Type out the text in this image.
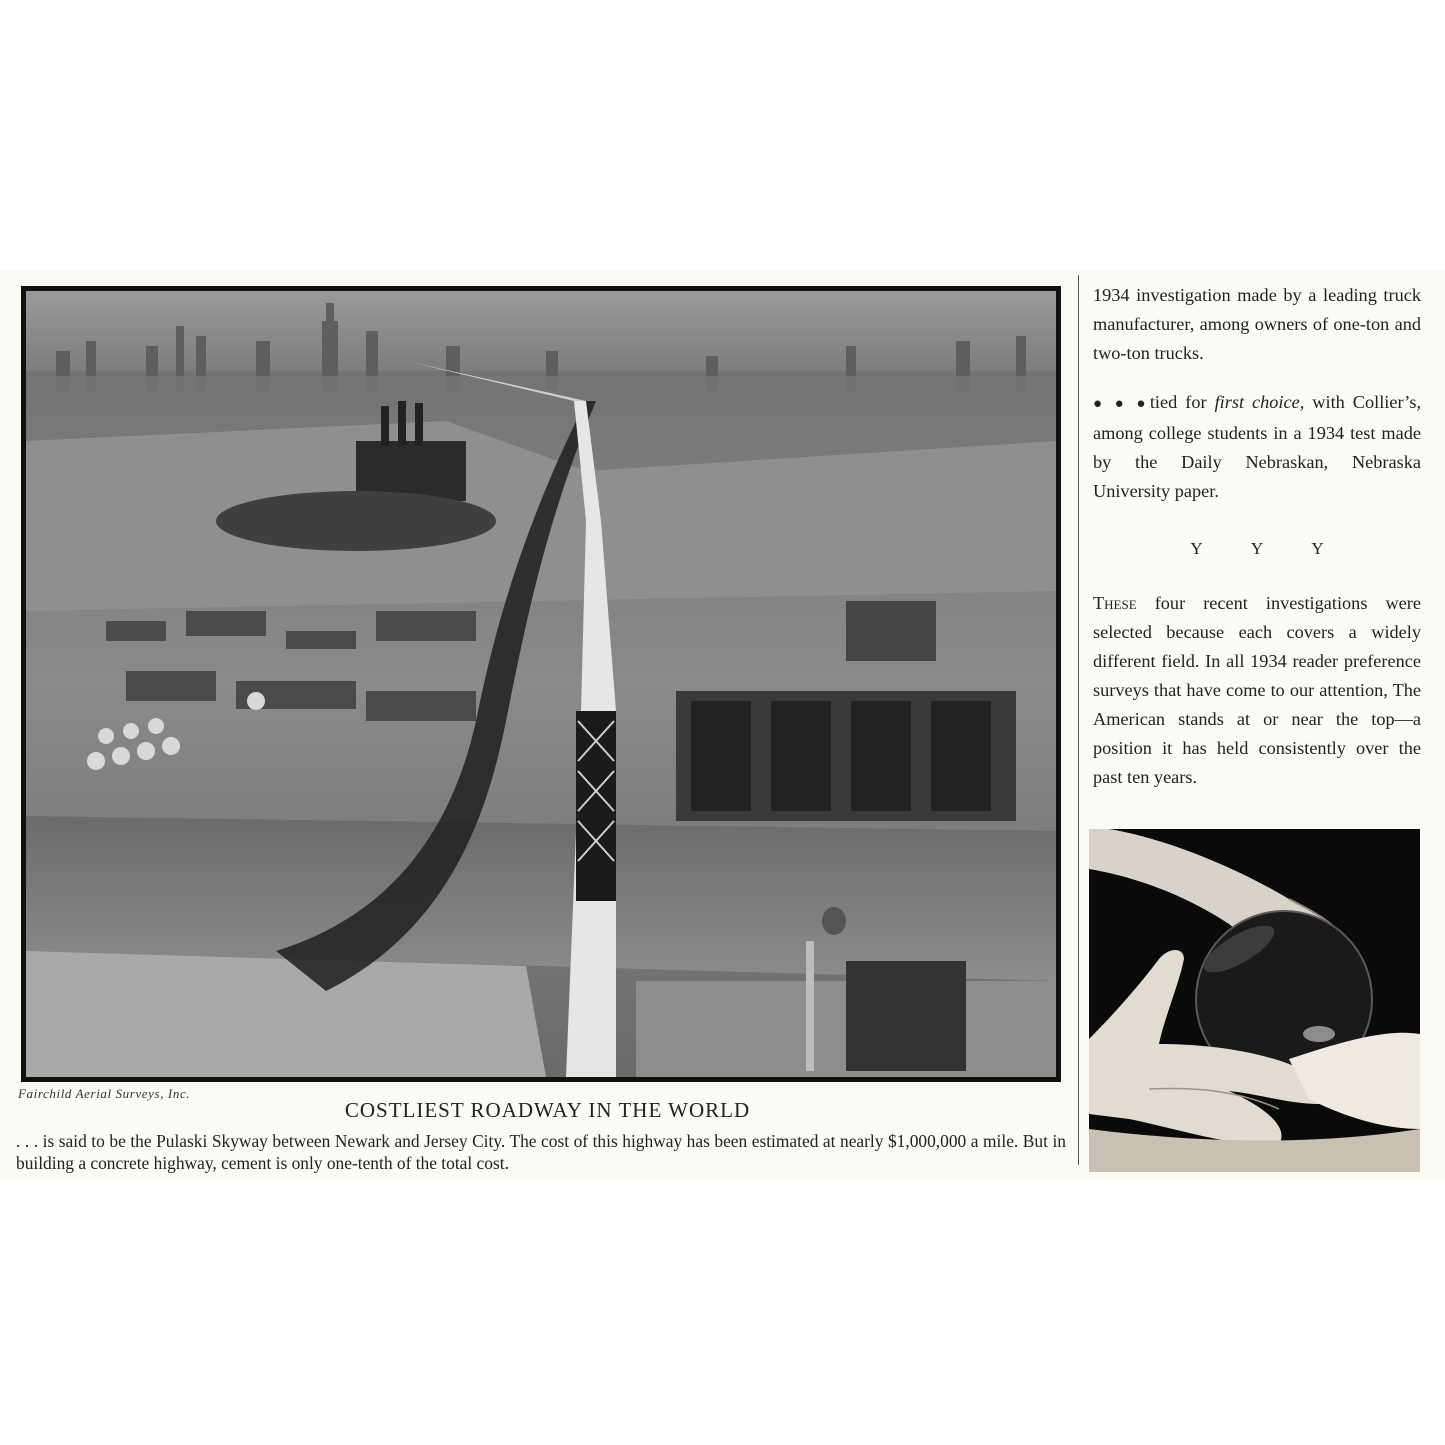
Fairchild Aerial Surveys, Inc.
COSTLIEST ROADWAY IN THE WORLD
. . . is said to be the Pulaski Skyway between Newark and Jersey City. The cost of this highway has been estimated at nearly $1,000,000 a mile. But in building a concrete highway, cement is only one-tenth of the total cost.

1934 investigation made by a leading truck manufacturer, among owners of one-ton and two-ton trucks.

● ● ●tied for first choice, with Collier’s, among college students in a 1934 test made by the Daily Nebraskan, Nebraska University paper.

Y	Y	Y

These four recent investigations were selected because each covers a widely different field. In all 1934 reader preference surveys that have come to our attention, The American stands at or near the top—a position it has held consistently over the past ten years.
